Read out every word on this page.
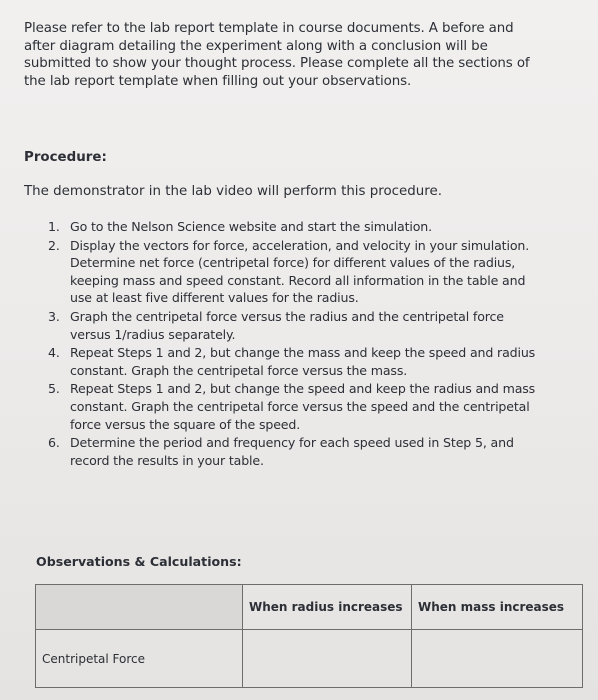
Please refer to the lab report template in course documents. A before and after diagram detailing the experiment along with a conclusion will be submitted to show your thought process. Please complete all the sections of the lab report template when filling out your observations.
Procedure:
The demonstrator in the lab video will perform this procedure.
1. Go to the Nelson Science website and start the simulation.
2. Display the vectors for force, acceleration, and velocity in your simulation. Determine net force (centripetal force) for different values of the radius, keeping mass and speed constant. Record all information in the table and use at least five different values for the radius.
3. Graph the centripetal force versus the radius and the centripetal force versus 1/radius separately.
4. Repeat Steps 1 and 2, but change the mass and keep the speed and radius constant. Graph the centripetal force versus the mass.
5. Repeat Steps 1 and 2, but change the speed and keep the radius and mass constant. Graph the centripetal force versus the speed and the centripetal force versus the square of the speed.
6. Determine the period and frequency for each speed used in Step 5, and record the results in your table.
Observations & Calculations:
	When radius increases	When mass increases
Centripetal Force		
